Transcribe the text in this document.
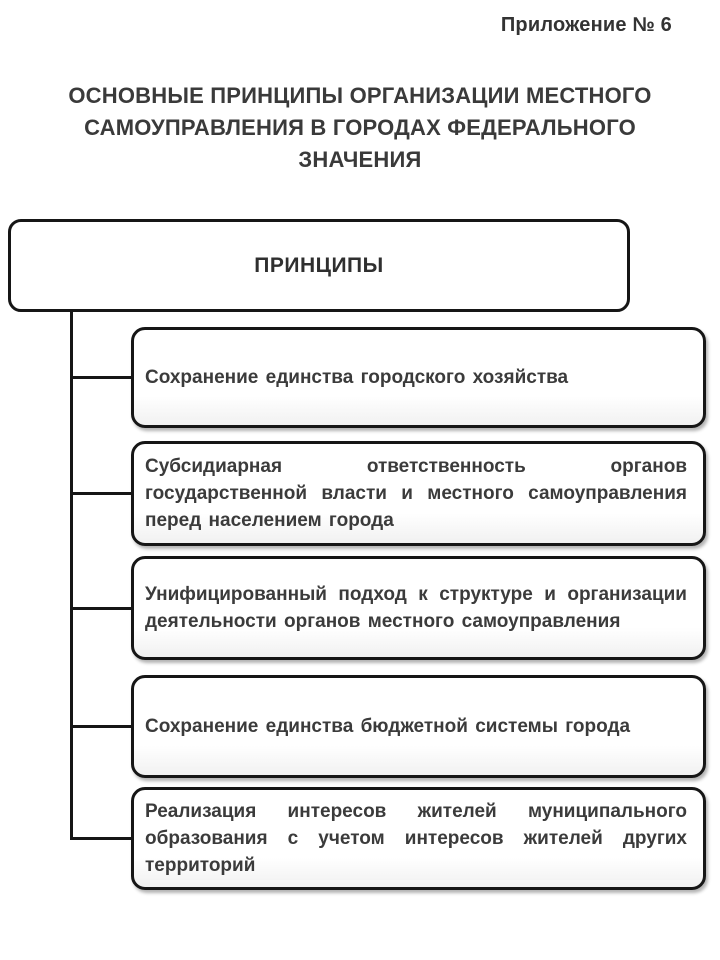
Приложение № 6
ОСНОВНЫЕ ПРИНЦИПЫ ОРГАНИЗАЦИИ МЕСТНОГО САМОУПРАВЛЕНИЯ В ГОРОДАХ ФЕДЕРАЛЬНОГО ЗНАЧЕНИЯ
ПРИНЦИПЫ
Сохранение единства городского хозяйства
Субсидиарная ответственность органов государственной власти и местного самоуправления перед населением города
Унифицированный подход к структуре и организации деятельности органов местного самоуправления
Сохранение единства бюджетной системы города
Реализация интересов жителей муниципального образования с учетом интересов жителей других территорий
